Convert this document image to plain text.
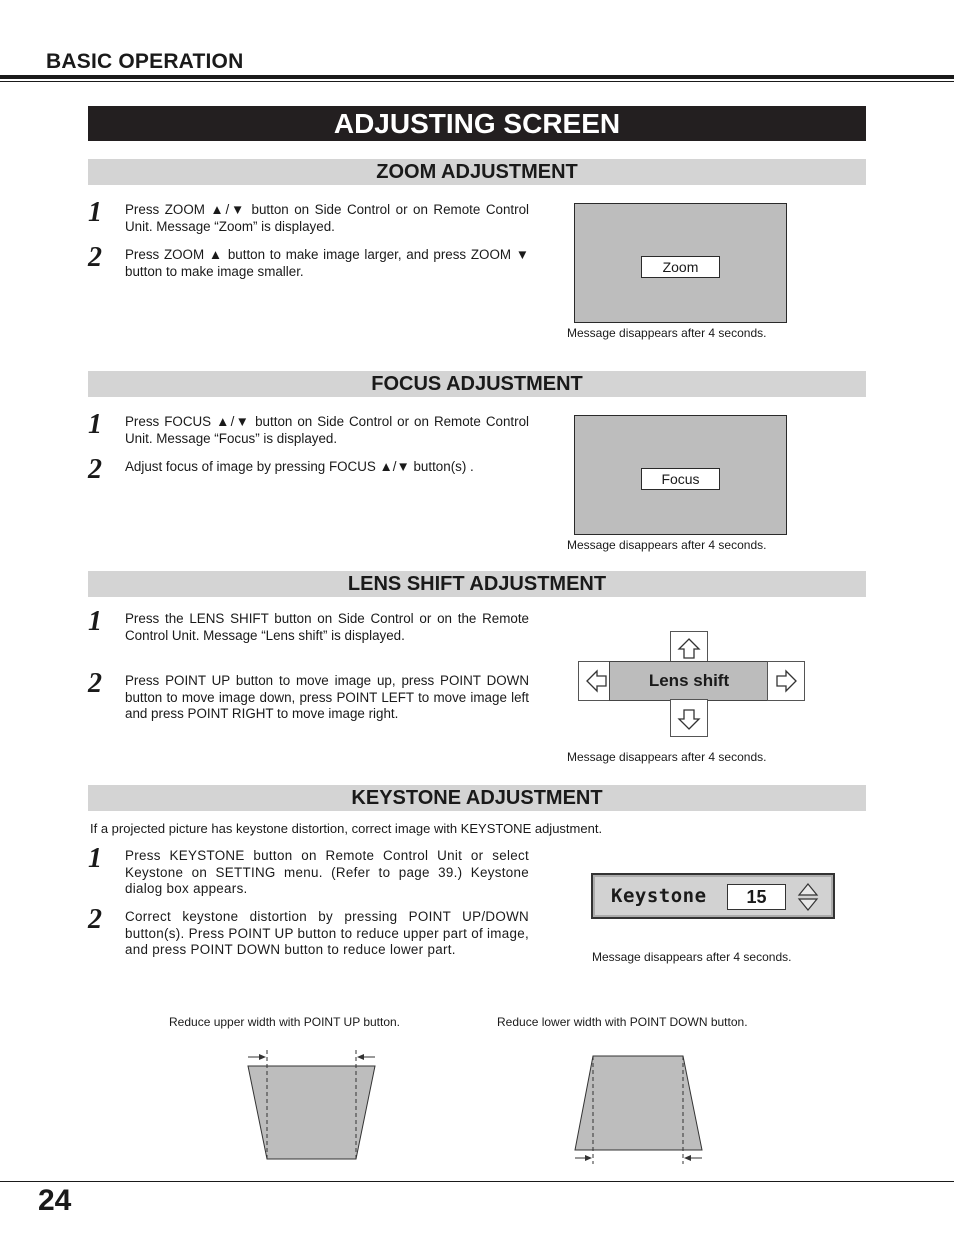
BASIC OPERATION
ADJUSTING SCREEN
ZOOM ADJUSTMENT
1 Press ZOOM ▲/▼ button on Side Control or on Remote Control Unit. Message “Zoom” is displayed.
2 Press ZOOM ▲ button to make image larger, and press ZOOM ▼ button to make image smaller.	Zoom
Message disappears after 4 seconds.
FOCUS ADJUSTMENT
1 Press FOCUS ▲/▼ button on Side Control or on Remote Control Unit. Message “Focus” is displayed.
2 Adjust focus of image by pressing FOCUS ▲/▼ button(s) .
Focus
Message disappears after 4 seconds.
LENS SHIFT ADJUSTMENT
1 Press the LENS SHIFT button on Side Control or on the Remote Control Unit. Message “Lens shift” is displayed.
2 Press POINT UP button to move image up, press POINT DOWN button to move image down, press POINT LEFT to move image left and press POINT RIGHT to move image right.
Lens shift
Message disappears after 4 seconds.
KEYSTONE ADJUSTMENT
If a projected picture has keystone distortion, correct image with KEYSTONE adjustment.
1 Press KEYSTONE button on Remote Control Unit or select Keystone on SETTING menu. (Refer to page 39.) Keystone dialog box appears.
2 Correct keystone distortion by pressing POINT UP/DOWN button(s). Press POINT UP button to reduce upper part of image, and press POINT DOWN button to reduce lower part.
Keystone	15
Message disappears after 4 seconds.
Reduce upper width with POINT UP button.	Reduce lower width with POINT DOWN button.
24
